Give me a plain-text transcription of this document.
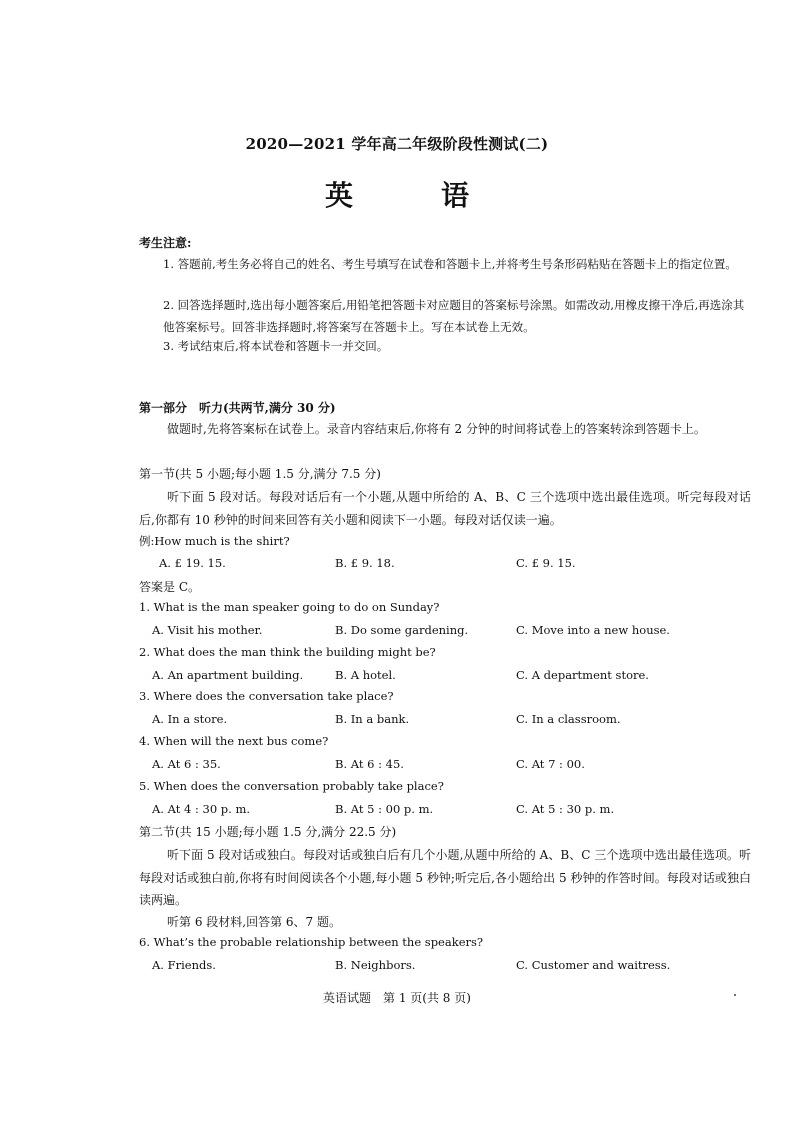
2020—2021 学年高二年级阶段性测试(二)
英　语
考生注意:
1. 答题前,考生务必将自己的姓名、考生号填写在试卷和答题卡上,并将考生号条形码粘贴在答题卡上的指定位置。
2. 回答选择题时,选出每小题答案后,用铅笔把答题卡对应题目的答案标号涂黑。如需改动,用橡皮擦干净后,再选涂其他答案标号。回答非选择题时,将答案写在答题卡上。写在本试卷上无效。
3. 考试结束后,将本试卷和答题卡一并交回。
第一部分　听力(共两节,满分 30 分)
做题时,先将答案标在试卷上。录音内容结束后,你将有 2 分钟的时间将试卷上的答案转涂到答题卡上。
第一节(共 5 小题;每小题 1.5 分,满分 7.5 分)
听下面 5 段对话。每段对话后有一个小题,从题中所给的 A、B、C 三个选项中选出最佳选项。听完每段对话后,你都有 10 秒钟的时间来回答有关小题和阅读下一小题。每段对话仅读一遍。
例:How much is the shirt?
A. £ 19. 15.	B. £ 9. 18.	C. £ 9. 15.
答案是 C。
1. What is the man speaker going to do on Sunday?
A. Visit his mother.	B. Do some gardening.	C. Move into a new house.
2. What does the man think the building might be?
A. An apartment building.	B. A hotel.	C. A department store.
3. Where does the conversation take place?
A. In a store.	B. In a bank.	C. In a classroom.
4. When will the next bus come?
A. At 6 : 35.	B. At 6 : 45.	C. At 7 : 00.
5. When does the conversation probably take place?
A. At 4 : 30 p. m.	B. At 5 : 00 p. m.	C. At 5 : 30 p. m.
第二节(共 15 小题;每小题 1.5 分,满分 22.5 分)
听下面 5 段对话或独白。每段对话或独白后有几个小题,从题中所给的 A、B、C 三个选项中选出最佳选项。听每段对话或独白前,你将有时间阅读各个小题,每小题 5 秒钟;听完后,各小题给出 5 秒钟的作答时间。每段对话或独白读两遍。
听第 6 段材料,回答第 6、7 题。
6. What’s the probable relationship between the speakers?
A. Friends.	B. Neighbors.	C. Customer and waitress.
英语试题　第 1 页(共 8 页)
